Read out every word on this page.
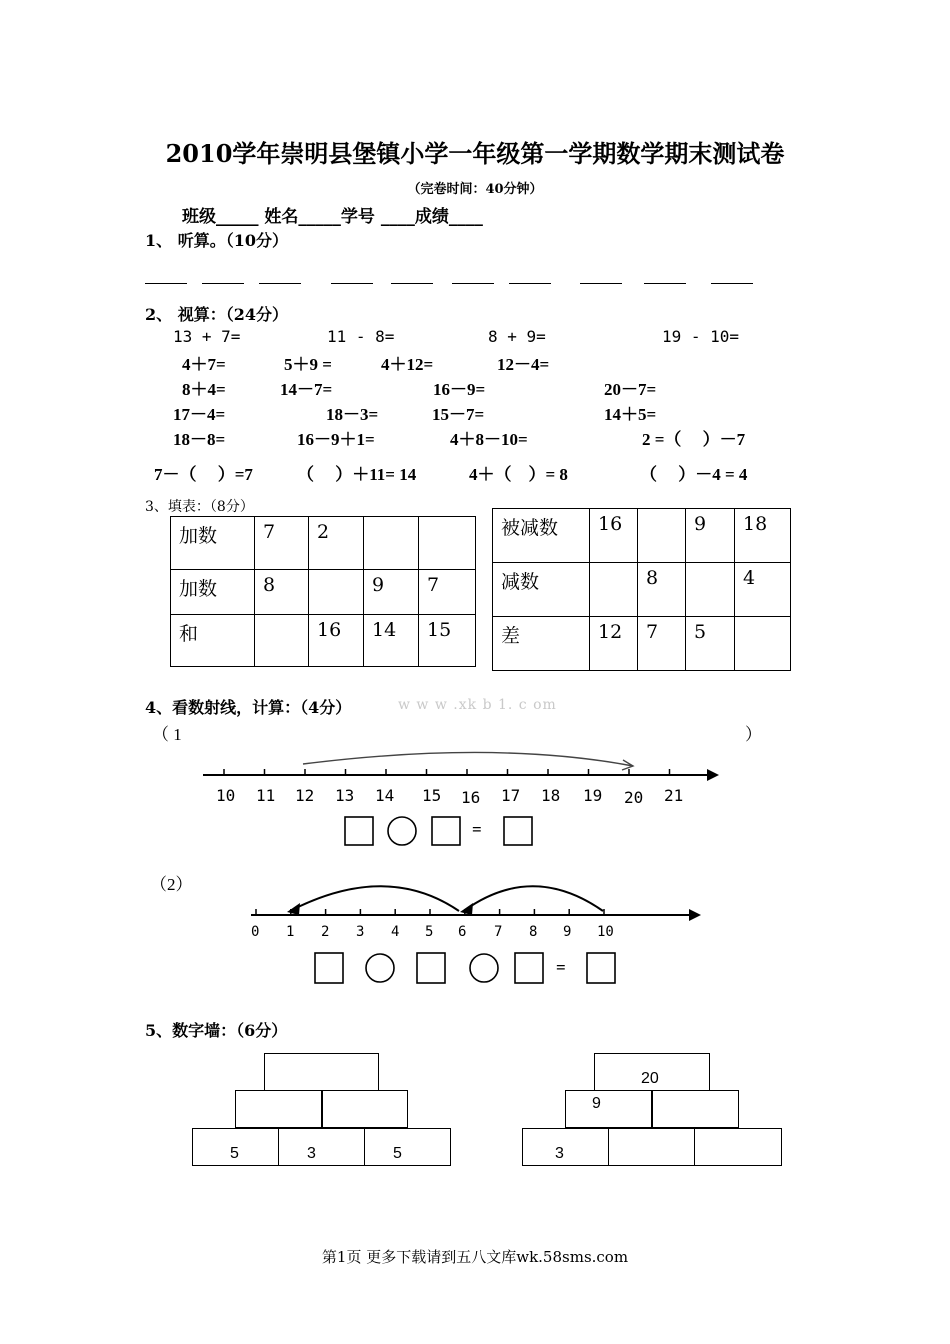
2010学年崇明县堡镇小学一年级第一学期数学期末测试卷
（完卷时间：40分钟）
班级_____ 姓名_____学号 ____成绩____
1、 听算。（10分）
2、 视算：（24分）
13 + 7=	11 - 8=	8 + 9=	19 - 10=
4＋7=	5＋9 =	4＋12=	12－4=
8＋4=	14－7=	16－9=	20－7=
17－4=	18－3=	15－7=	14＋5=
18－8=	16－9＋1=	4＋8－10=	2 =（　 ）－7
7－（　 ）=7	（　 ）＋11= 14	4＋（　）= 8	（　 ）－4 = 4
3、填表：（8分）
加数	7	2		
加数	8		9	7
和		16	14	15
被减数	16		9	18
减数		8		4
差	12	7	5	
4、看数射线，计算：（4分）	w w w .xk b 1. c om
（ 1	）
10 11 12 13 14 15 16 17 18 19 20 21
=
（2）
0 1 2 3 4 5 6 7 8 9 10
=
5、数字墙：（6分）
5	3	5
20
9
3
第1页 更多下载请到五八文库wk.58sms.com
